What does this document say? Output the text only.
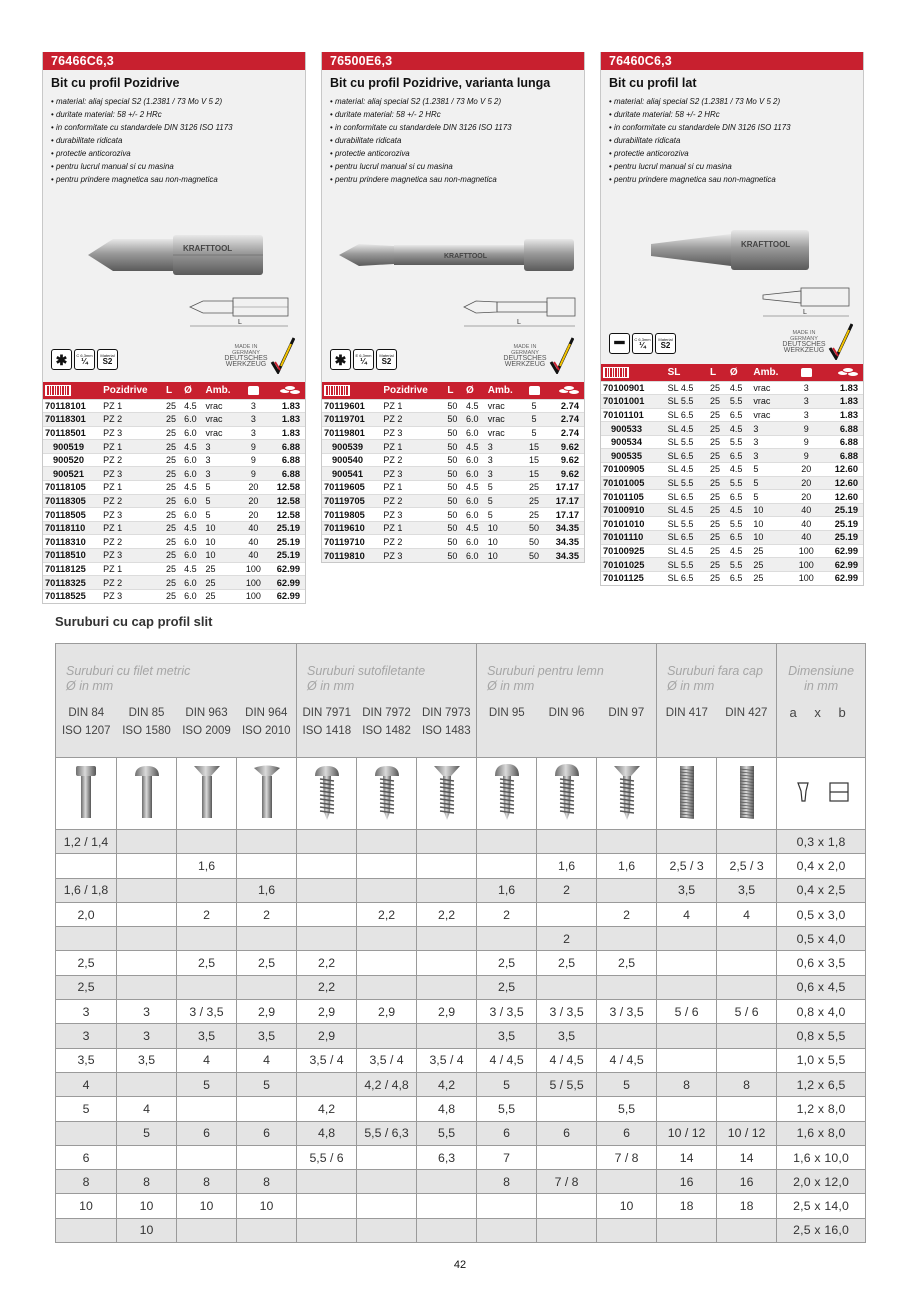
76466C6,3
Bit cu profil Pozidrive
• material: aliaj special S2 (1.2381 / 73 Mo V 5 2)
• duritate material: 58 +/- 2 HRc
• in conformitate cu standardele DIN 3126 ISO 1173
• durabilitate ridicata
• protectie anticoroziva
• pentru lucrul manual si cu masina
• pentru prindere magnetica sau non-magnetica
KRAFTTOOL
L
✱	C 6,3mm
¼
Material
S2
MADE IN GERMANY
DEUTSCHES
WERKZEUG
	Pozidrive	L	Ø	Amb.		

70118101	PZ 1	25	4.5	vrac	3	1.83
70118301	PZ 2	25	6.0	vrac	3	1.83
70118501	PZ 3	25	6.0	vrac	3	1.83
900519	PZ 1	25	4.5	3	9	6.88
900520	PZ 2	25	6.0	3	9	6.88
900521	PZ 3	25	6.0	3	9	6.88
70118105	PZ 1	25	4.5	5	20	12.58
70118305	PZ 2	25	6.0	5	20	12.58
70118505	PZ 3	25	6.0	5	20	12.58
70118110	PZ 1	25	4.5	10	40	25.19
70118310	PZ 2	25	6.0	10	40	25.19
70118510	PZ 3	25	6.0	10	40	25.19
70118125	PZ 1	25	4.5	25	100	62.99
70118325	PZ 2	25	6.0	25	100	62.99
70118525	PZ 3	25	6.0	25	100	62.99
76500E6,3
Bit cu profil Pozidrive, varianta lunga
• material: aliaj special S2 (1.2381 / 73 Mo V 5 2)
• duritate material: 58 +/- 2 HRc
• in conformitate cu standardele DIN 3126 ISO 1173
• durabilitate ridicata
• protectie anticoroziva
• pentru lucrul manual si cu masina
• pentru prindere magnetica sau non-magnetica
KRAFTTOOL
L
✱	E 6,3mm
¼
Material
S2
MADE IN GERMANY
DEUTSCHES
WERKZEUG
	Pozidrive	L	Ø	Amb.		

70119601	PZ 1	50	4.5	vrac	5	2.74
70119701	PZ 2	50	6.0	vrac	5	2.74
70119801	PZ 3	50	6.0	vrac	5	2.74
900539	PZ 1	50	4.5	3	15	9.62
900540	PZ 2	50	6.0	3	15	9.62
900541	PZ 3	50	6.0	3	15	9.62
70119605	PZ 1	50	4.5	5	25	17.17
70119705	PZ 2	50	6.0	5	25	17.17
70119805	PZ 3	50	6.0	5	25	17.17
70119610	PZ 1	50	4.5	10	50	34.35
70119710	PZ 2	50	6.0	10	50	34.35
70119810	PZ 3	50	6.0	10	50	34.35
76460C6,3
Bit cu profil lat
• material: aliaj special S2 (1.2381 / 73 Mo V 5 2)
• duritate material: 58 +/- 2 HRc
• in conformitate cu standardele DIN 3126 ISO 1173
• durabilitate ridicata
• protectie anticoroziva
• pentru lucrul manual si cu masina
• pentru prindere magnetica sau non-magnetica
KRAFTTOOL
L
━	C 6,3mm
¼
Material
S2
MADE IN GERMANY
DEUTSCHES
WERKZEUG
	SL	L	Ø	Amb.		

70100901	SL 4.5	25	4.5	vrac	3	1.83
70101001	SL 5.5	25	5.5	vrac	3	1.83
70101101	SL 6.5	25	6.5	vrac	3	1.83
900533	SL 4.5	25	4.5	3	9	6.88
900534	SL 5.5	25	5.5	3	9	6.88
900535	SL 6.5	25	6.5	3	9	6.88
70100905	SL 4.5	25	4.5	5	20	12.60
70101005	SL 5.5	25	5.5	5	20	12.60
70101105	SL 6.5	25	6.5	5	20	12.60
70100910	SL 4.5	25	4.5	10	40	25.19
70101010	SL 5.5	25	5.5	10	40	25.19
70101110	SL 6.5	25	6.5	10	40	25.19
70100925	SL 4.5	25	4.5	25	100	62.99
70101025	SL 5.5	25	5.5	25	100	62.99
70101125	SL 6.5	25	6.5	25	100	62.99
Suruburi cu cap profil slit
Suruburi cu filet metric
Ø in mm				Suruburi sutofiletante
Ø in mm			Suruburi pentru lemn
Ø in mm			Suruburi fara cap
Ø in mm		Dimensiune
in mm
DIN 84
ISO 1207	DIN 85
ISO 1580	DIN 963
ISO 2009	DIN 964
ISO 2010	DIN 7971
ISO 1418	DIN 7972
ISO 1482	DIN 7973
ISO 1483	DIN 95	DIN 96	DIN 97	DIN 417	DIN 427	a x b

1,2 / 1,4												0,3 x 1,8
		1,6						1,6	1,6	2,5 / 3	2,5 / 3	0,4 x 2,0
1,6 / 1,8			1,6				1,6	2		3,5	3,5	0,4 x 2,5
2,0		2	2		2,2	2,2	2		2	4	4	0,5 x 3,0
								2				0,5 x 4,0
2,5		2,5	2,5	2,2			2,5	2,5	2,5			0,6 x 3,5
2,5				2,2			2,5					0,6 x 4,5
3	3	3 / 3,5	2,9	2,9	2,9	2,9	3 / 3,5	3 / 3,5	3 / 3,5	5 / 6	5 / 6	0,8 x 4,0
3	3	3,5	3,5	2,9			3,5	3,5				0,8 x 5,5
3,5	3,5	4	4	3,5 / 4	3,5 / 4	3,5 / 4	4 / 4,5	4 / 4,5	4 / 4,5			1,0 x 5,5
4		5	5		4,2 / 4,8	4,2	5	5 / 5,5	5	8	8	1,2 x 6,5
5	4			4,2		4,8	5,5		5,5			1,2 x 8,0
	5	6	6	4,8	5,5 / 6,3	5,5	6	6	6	10 / 12	10 / 12	1,6 x 8,0
6				5,5 / 6		6,3	7		7 / 8	14	14	1,6 x 10,0
8	8	8	8				8	7 / 8		16	16	2,0 x 12,0
10	10	10	10						10	18	18	2,5 x 14,0
	10											2,5 x 16,0
42
